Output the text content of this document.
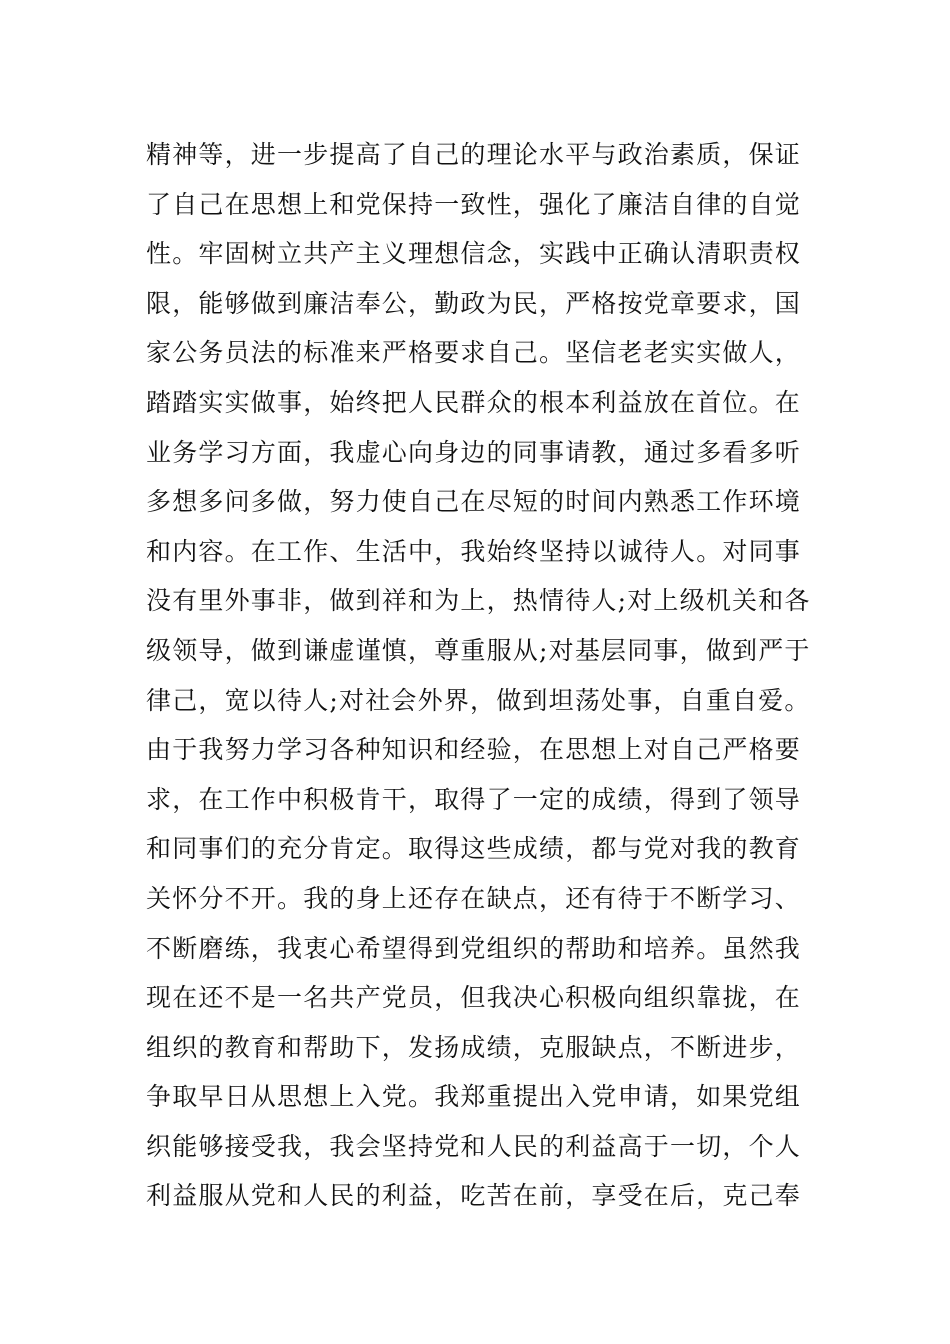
精神等，进一步提高了自己的理论水平与政治素质，保证
了自己在思想上和党保持一致性，强化了廉洁自律的自觉
性。牢固树立共产主义理想信念，实践中正确认清职责权
限，能够做到廉洁奉公，勤政为民，严格按党章要求，国
家公务员法的标准来严格要求自己。坚信老老实实做人，
踏踏实实做事，始终把人民群众的根本利益放在首位。在
业务学习方面，我虚心向身边的同事请教，通过多看多听
多想多问多做，努力使自己在尽短的时间内熟悉工作环境
和内容。在工作、生活中，我始终坚持以诚待人。对同事
没有里外事非，做到祥和为上，热情待人;对上级机关和各
级领导，做到谦虚谨慎，尊重服从;对基层同事，做到严于
律己，宽以待人;对社会外界，做到坦荡处事，自重自爱。
由于我努力学习各种知识和经验，在思想上对自己严格要
求，在工作中积极肯干，取得了一定的成绩，得到了领导
和同事们的充分肯定。取得这些成绩，都与党对我的教育
关怀分不开。我的身上还存在缺点，还有待于不断学习、
不断磨练，我衷心希望得到党组织的帮助和培养。虽然我
现在还不是一名共产党员，但我决心积极向组织靠拢，在
组织的教育和帮助下，发扬成绩，克服缺点，不断进步，
争取早日从思想上入党。我郑重提出入党申请，如果党组
织能够接受我，我会坚持党和人民的利益高于一切，个人
利益服从党和人民的利益，吃苦在前，享受在后，克己奉
